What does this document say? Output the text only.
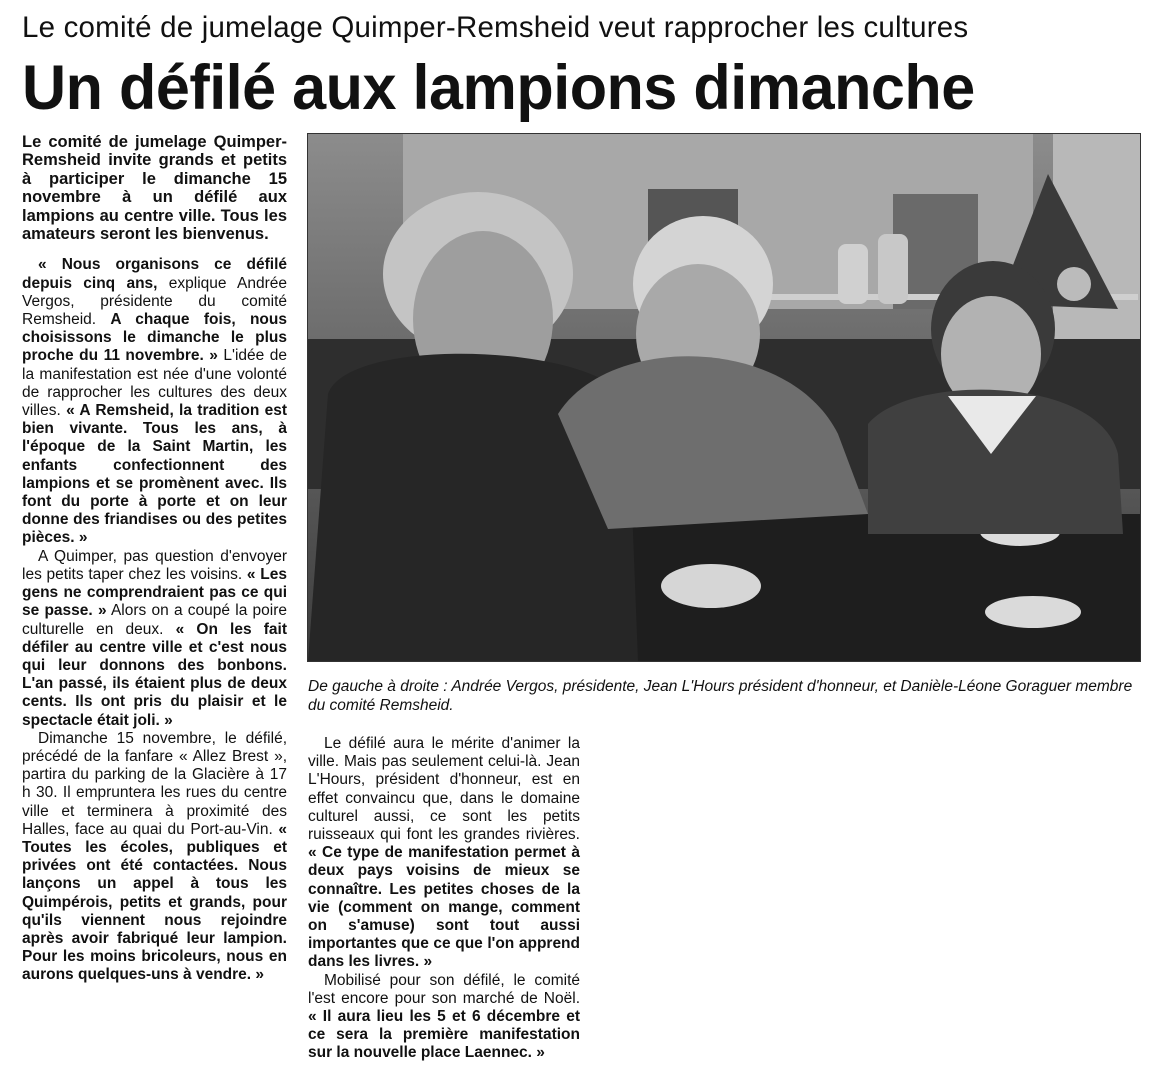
Le comité de jumelage Quimper-Remsheid veut rapprocher les cultures
Un défilé aux lampions dimanche

Le comité de jumelage Quimper-Remsheid invite grands et petits à participer le dimanche 15 novembre à un défilé aux lampions au centre ville. Tous les amateurs seront les bienvenus.

« Nous organisons ce défilé depuis cinq ans, explique Andrée Vergos, présidente du comité Remsheid. A chaque fois, nous choisissons le dimanche le plus proche du 11 novembre. » L'idée de la manifestation est née d'une volonté de rapprocher les cultures des deux villes. « A Remsheid, la tradition est bien vivante. Tous les ans, à l'époque de la Saint Martin, les enfants confectionnent des lampions et se promènent avec. Ils font du porte à porte et on leur donne des friandises ou des petites pièces. »

A Quimper, pas question d'envoyer les petits taper chez les voisins. « Les gens ne comprendraient pas ce qui se passe. » Alors on a coupé la poire culturelle en deux. « On les fait défiler au centre ville et c'est nous qui leur donnons des bonbons. L'an passé, ils étaient plus de deux cents. Ils ont pris du plaisir et le spectacle était joli. »

Dimanche 15 novembre, le défilé, précédé de la fanfare « Allez Brest », partira du parking de la Glacière à 17 h 30. Il empruntera les rues du centre ville et terminera à proximité des Halles, face au quai du Port-au-Vin. « Toutes les écoles, publiques et privées ont été contactées. Nous lançons un appel à tous les Quimpérois, petits et grands, pour qu'ils viennent nous rejoindre après avoir fabriqué leur lampion. Pour les moins bricoleurs, nous en aurons quelques-uns à vendre. »

De gauche à droite : Andrée Vergos, présidente, Jean L'Hours président d'honneur, et Danièle-Léone Goraguer membre du comité Remsheid.

Le défilé aura le mérite d'animer la ville. Mais pas seulement celui-là. Jean L'Hours, président d'honneur, est en effet convaincu que, dans le domaine culturel aussi, ce sont les petits ruisseaux qui font les grandes rivières. « Ce type de manifestation permet à deux pays voisins de mieux se connaître. Les petites choses de la vie (comment on mange, comment on s'amuse) sont tout aussi importantes que ce que l'on apprend dans les livres. »

Mobilisé pour son défilé, le comité l'est encore pour son marché de Noël. « Il aura lieu les 5 et 6 décembre et ce sera la première manifestation sur la nouvelle place Laennec. »
